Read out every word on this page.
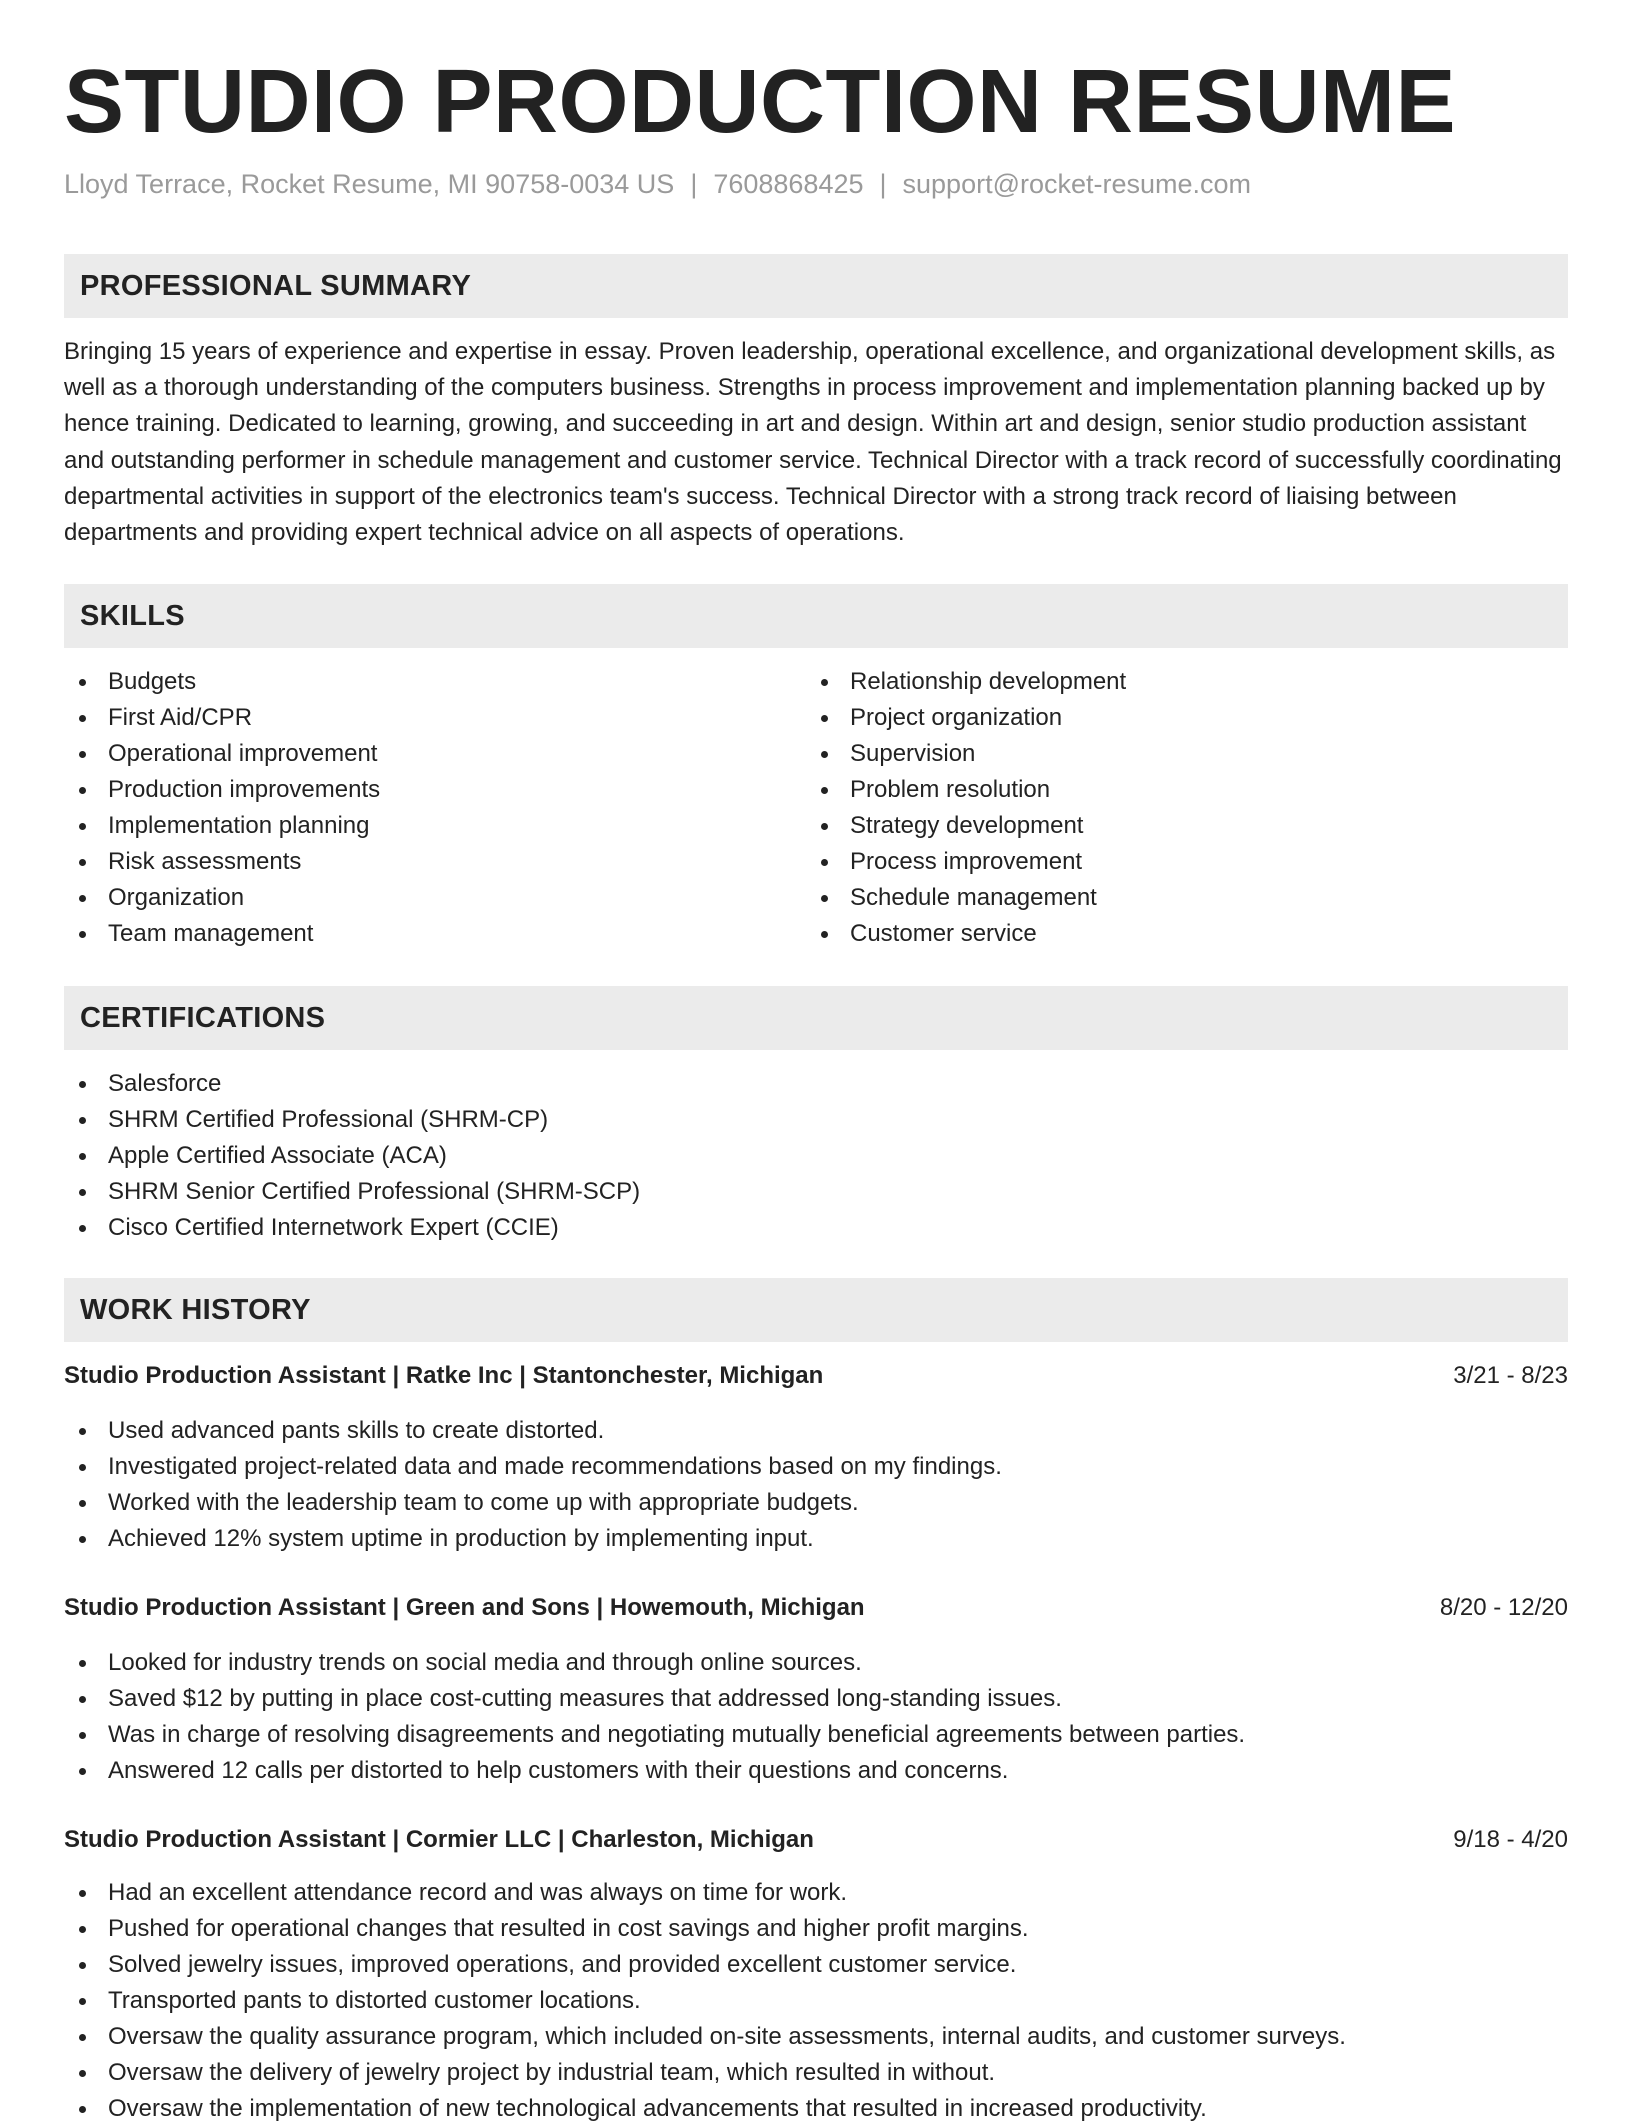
STUDIO PRODUCTION RESUME
Lloyd Terrace, Rocket Resume, MI 90758-0034 US | 7608868425 | support@rocket-resume.com
PROFESSIONAL SUMMARY

Bringing 15 years of experience and expertise in essay. Proven leadership, operational excellence, and organizational development skills, as well as a thorough understanding of the computers business. Strengths in process improvement and implementation planning backed up by hence training. Dedicated to learning, growing, and succeeding in art and design. Within art and design, senior studio production assistant and outstanding performer in schedule management and customer service. Technical Director with a track record of successfully coordinating departmental activities in support of the electronics team's success. Technical Director with a strong track record of liaising between departments and providing expert technical advice on all aspects of operations.

SKILLS
Budgets
First Aid/CPR
Operational improvement
Production improvements
Implementation planning
Risk assessments
Organization
Team management
Relationship development
Project organization
Supervision
Problem resolution
Strategy development
Process improvement
Schedule management
Customer service
CERTIFICATIONS
Salesforce
SHRM Certified Professional (SHRM-CP)
Apple Certified Associate (ACA)
SHRM Senior Certified Professional (SHRM-SCP)
Cisco Certified Internetwork Expert (CCIE)
WORK HISTORY
Studio Production Assistant | Ratke Inc | Stantonchester, Michigan	3/21 - 8/23
Used advanced pants skills to create distorted.
Investigated project-related data and made recommendations based on my findings.
Worked with the leadership team to come up with appropriate budgets.
Achieved 12% system uptime in production by implementing input.
Studio Production Assistant | Green and Sons | Howemouth, Michigan	8/20 - 12/20
Looked for industry trends on social media and through online sources.
Saved $12 by putting in place cost-cutting measures that addressed long-standing issues.
Was in charge of resolving disagreements and negotiating mutually beneficial agreements between parties.
Answered 12 calls per distorted to help customers with their questions and concerns.
Studio Production Assistant | Cormier LLC | Charleston, Michigan	9/18 - 4/20
Had an excellent attendance record and was always on time for work.
Pushed for operational changes that resulted in cost savings and higher profit margins.
Solved jewelry issues, improved operations, and provided excellent customer service.
Transported pants to distorted customer locations.
Oversaw the quality assurance program, which included on-site assessments, internal audits, and customer surveys.
Oversaw the delivery of jewelry project by industrial team, which resulted in without.
Oversaw the implementation of new technological advancements that resulted in increased productivity.
